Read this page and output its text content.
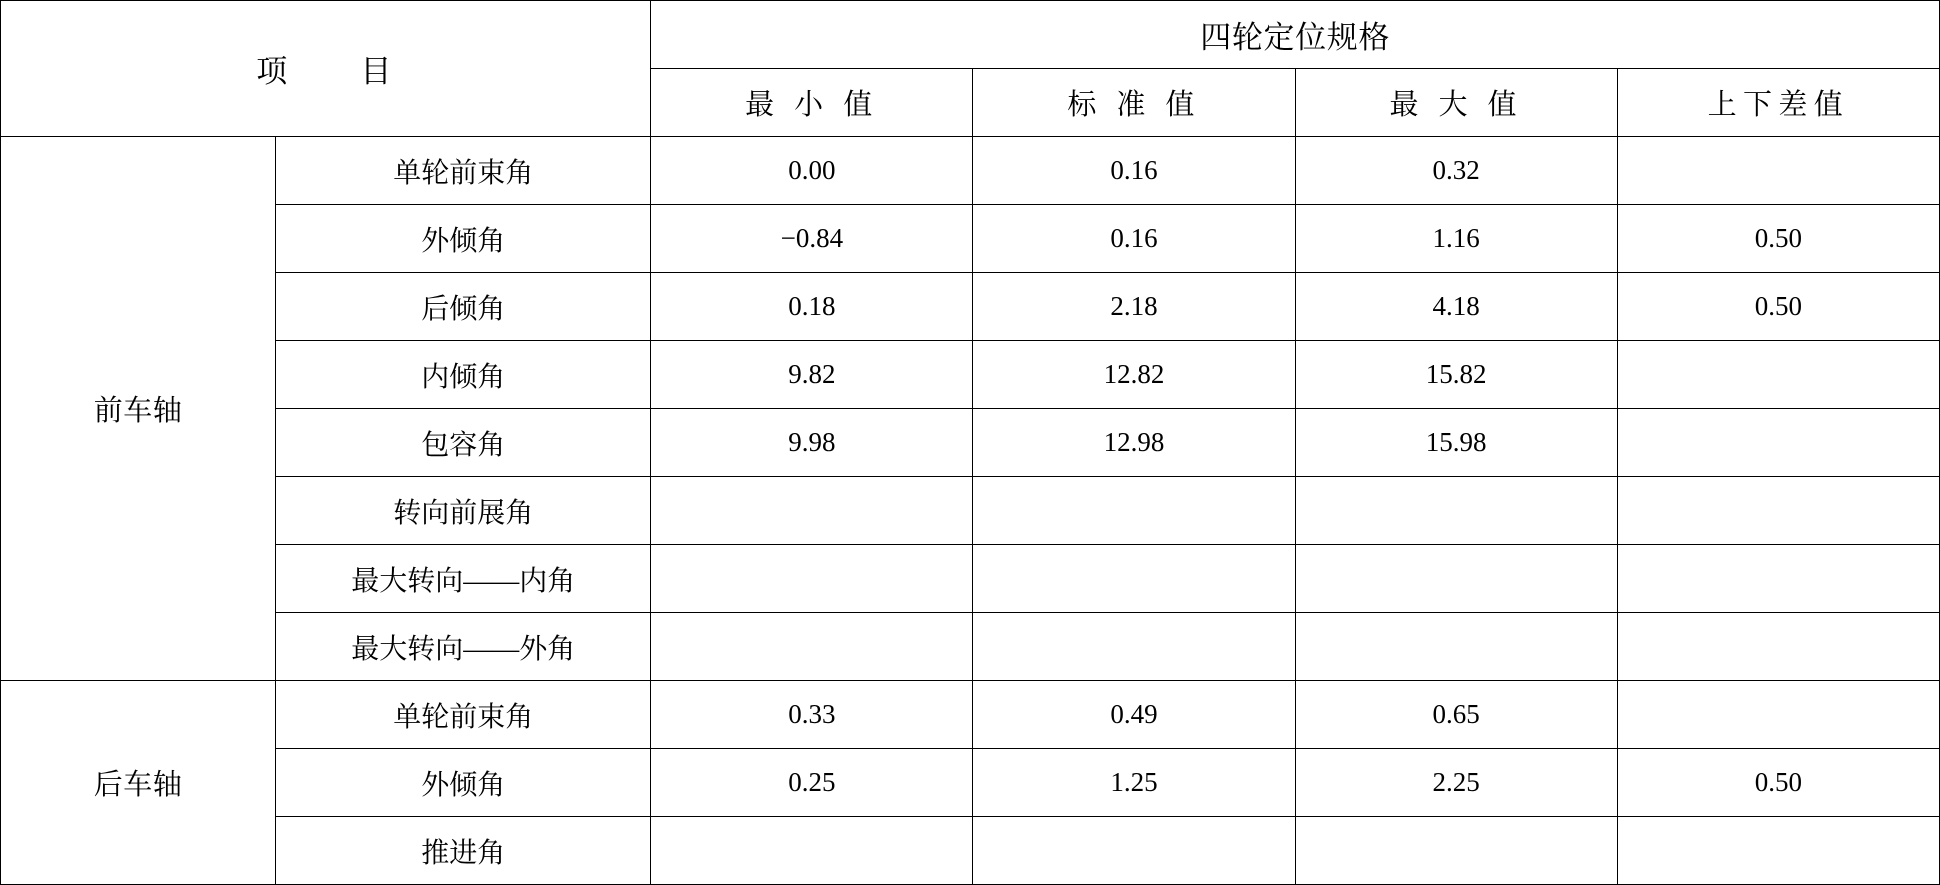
项　　目		四轮定位规格			
		最 小 值	标 准 值	最 大 值	上下差值
前车轴	单轮前束角	0.00	0.16	0.32	
	外倾角	−0.84	0.16	1.16	0.50
	后倾角	0.18	2.18	4.18	0.50
	内倾角	9.82	12.82	15.82	
	包容角	9.98	12.98	15.98	
	转向前展角				
	最大转向——内角				
	最大转向——外角				
后车轴	单轮前束角	0.33	0.49	0.65	
	外倾角	0.25	1.25	2.25	0.50
	推进角				
